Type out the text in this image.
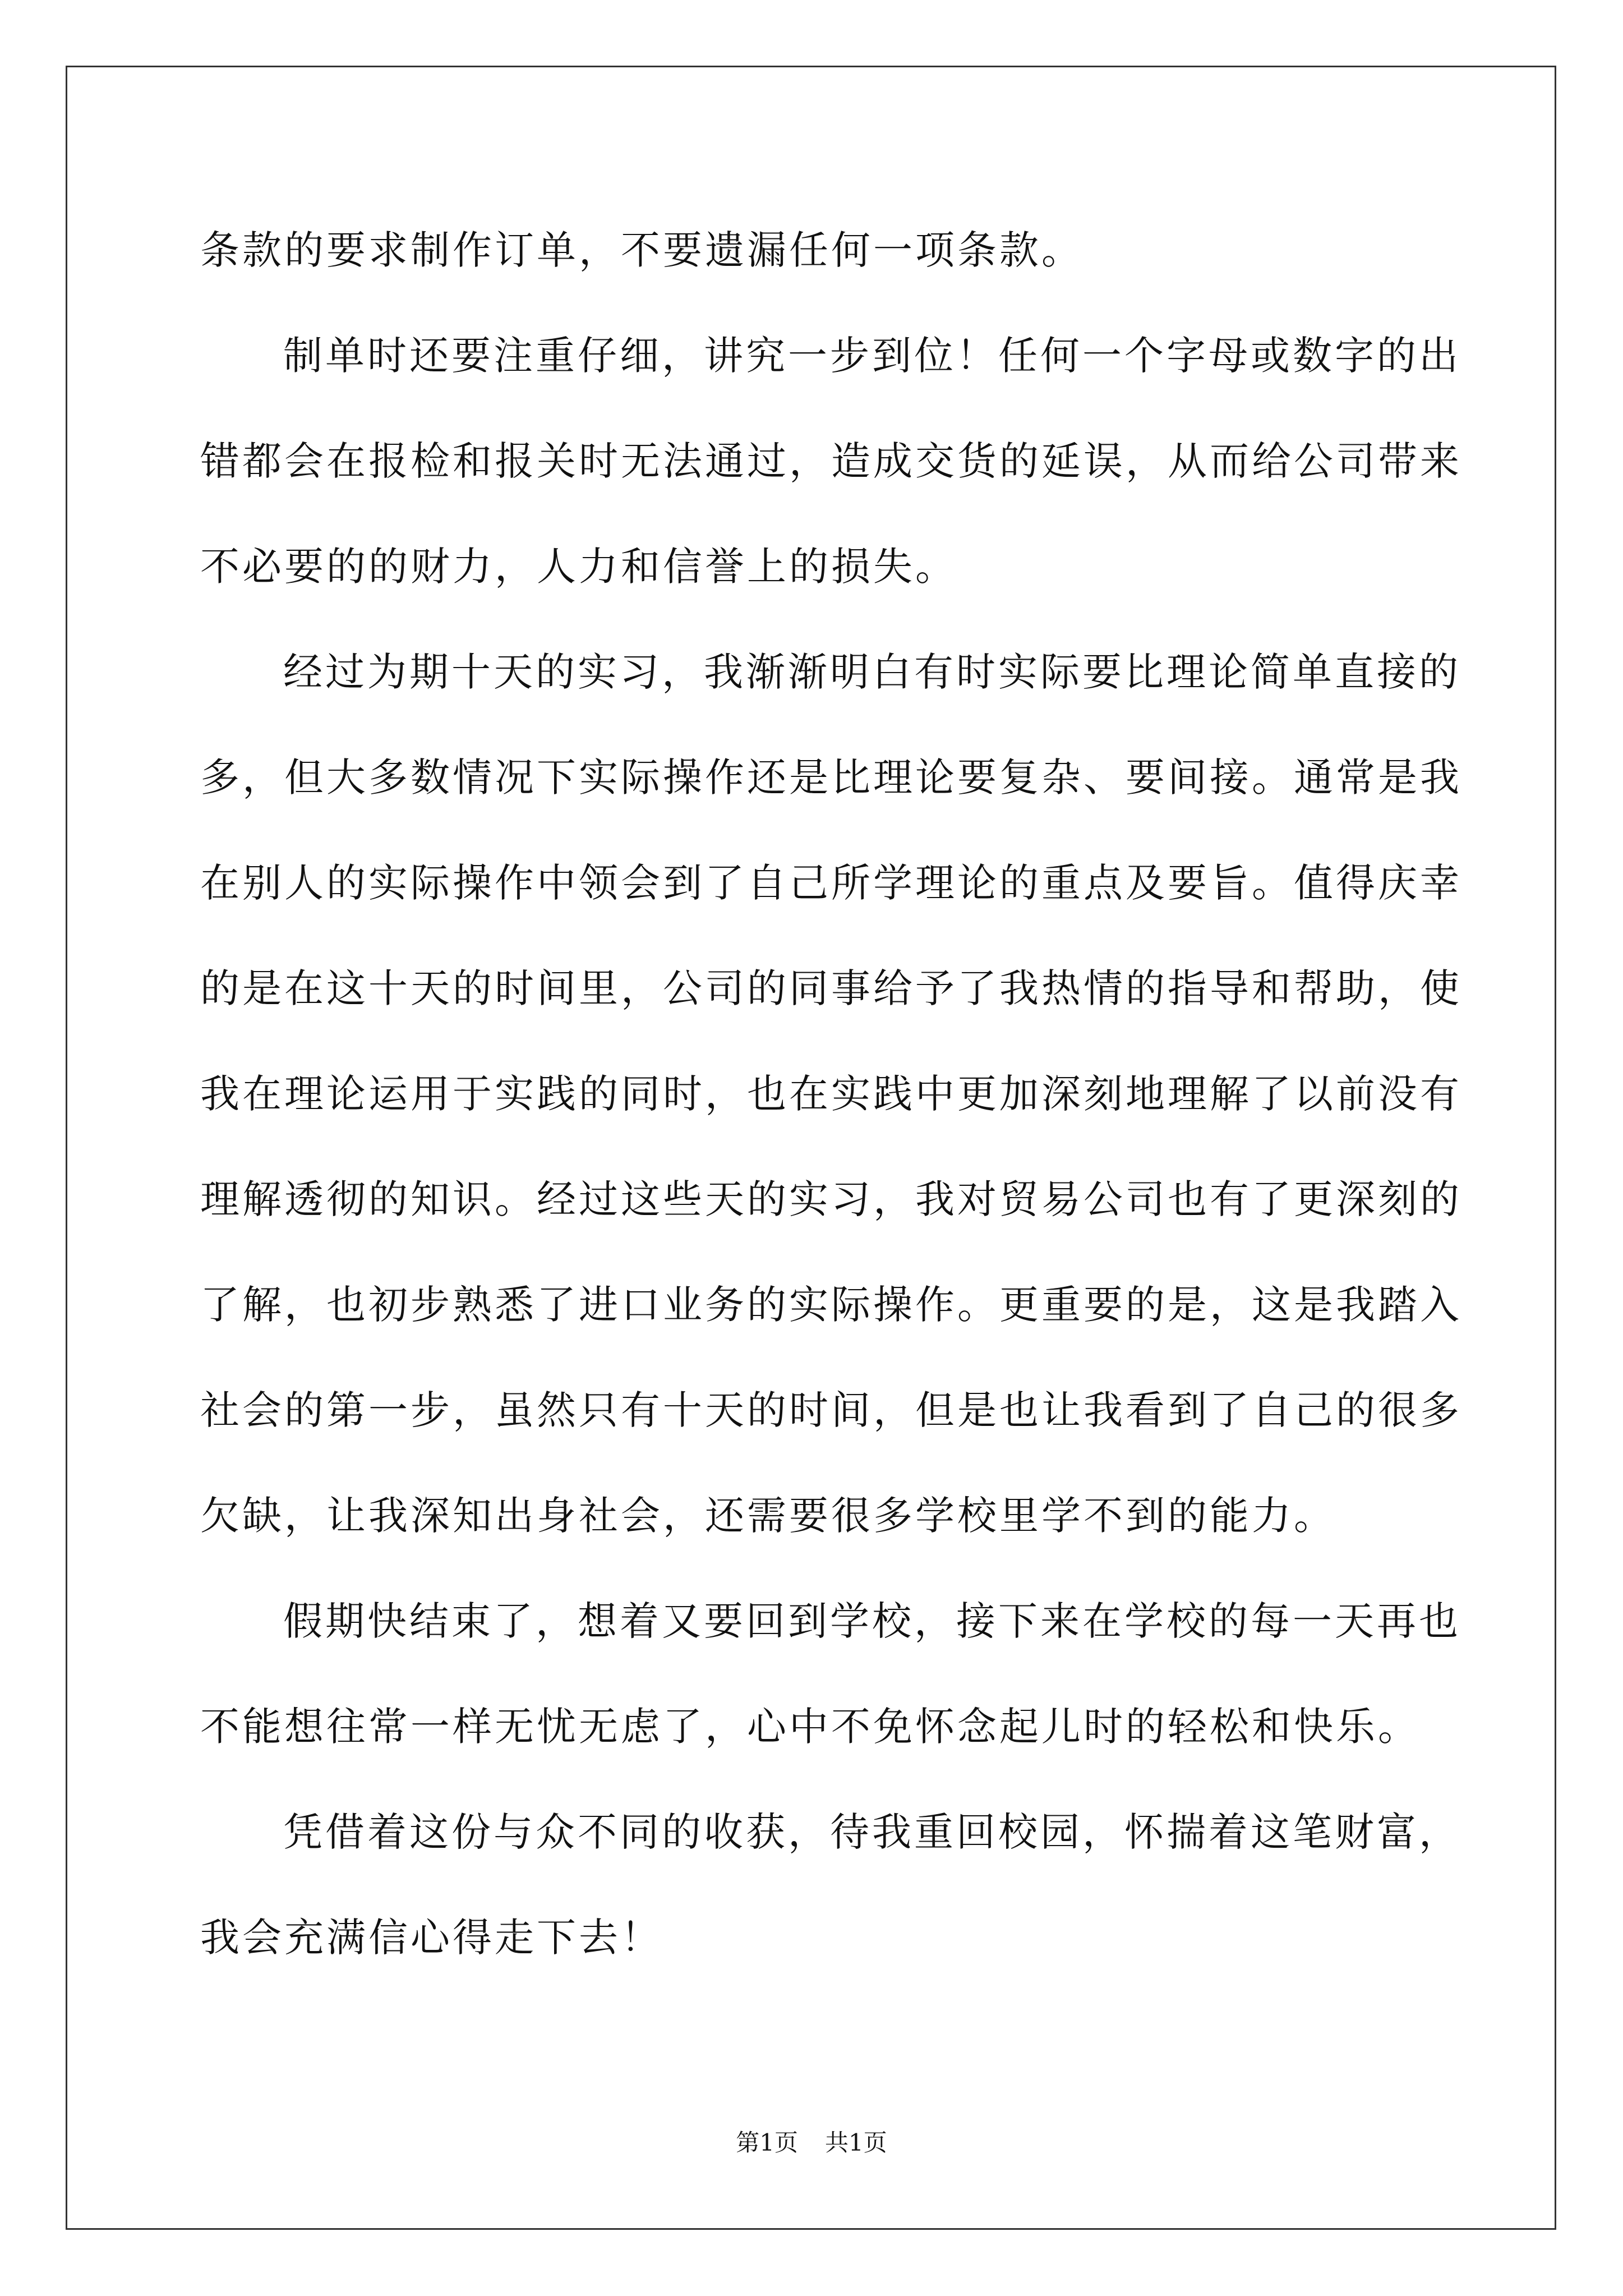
条款的要求制作订单，不要遗漏任何一项条款。
制单时还要注重仔细，讲究一步到位！任何一个字母或数字的出
错都会在报检和报关时无法通过，造成交货的延误，从而给公司带来
不必要的的财力，人力和信誉上的损失。
经过为期十天的实习，我渐渐明白有时实际要比理论简单直接的
多，但大多数情况下实际操作还是比理论要复杂、要间接。通常是我
在别人的实际操作中领会到了自己所学理论的重点及要旨。值得庆幸
的是在这十天的时间里，公司的同事给予了我热情的指导和帮助，使
我在理论运用于实践的同时，也在实践中更加深刻地理解了以前没有
理解透彻的知识。经过这些天的实习，我对贸易公司也有了更深刻的
了解，也初步熟悉了进口业务的实际操作。更重要的是，这是我踏入
社会的第一步，虽然只有十天的时间，但是也让我看到了自己的很多
欠缺，让我深知出身社会，还需要很多学校里学不到的能力。
假期快结束了，想着又要回到学校，接下来在学校的每一天再也
不能想往常一样无忧无虑了，心中不免怀念起儿时的轻松和快乐。
凭借着这份与众不同的收获，待我重回校园，怀揣着这笔财富，
我会充满信心得走下去！
第1页 共1页
